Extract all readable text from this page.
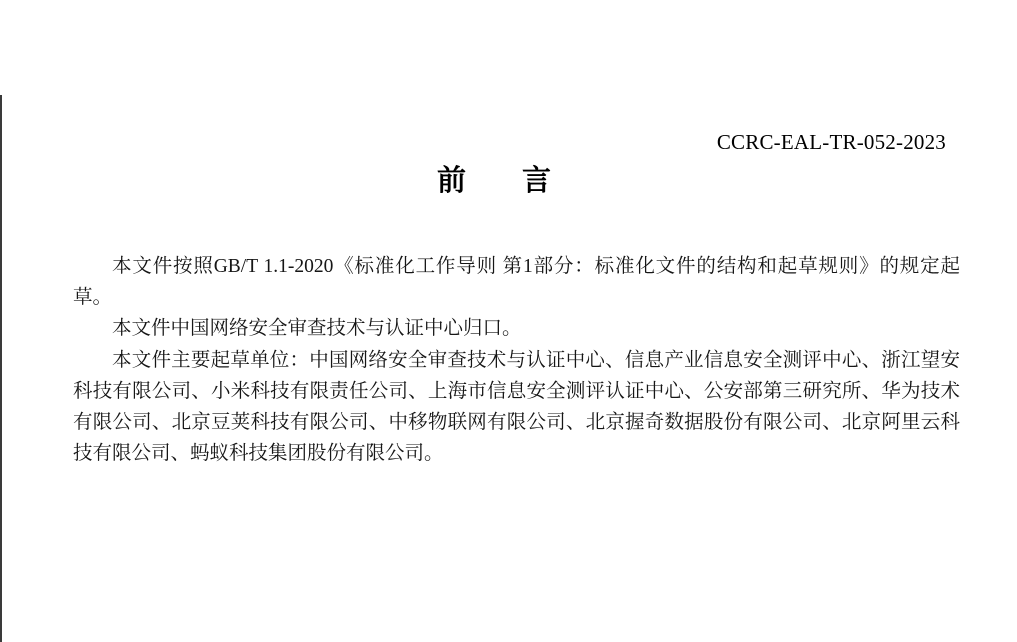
CCRC-EAL-TR-052-2023
前 言

本文件按照GB/T 1.1-2020《标准化工作导则 第1部分：标准化文件的结构和起草规则》的规定起
草。

本文件中国网络安全审查技术与认证中心归口。

本文件主要起草单位：中国网络安全审查技术与认证中心、信息产业信息安全测评中心、浙江望安
科技有限公司、小米科技有限责任公司、上海市信息安全测评认证中心、公安部第三研究所、华为技术
有限公司、北京豆荚科技有限公司、中移物联网有限公司、北京握奇数据股份有限公司、北京阿里云科
技有限公司、蚂蚁科技集团股份有限公司。
